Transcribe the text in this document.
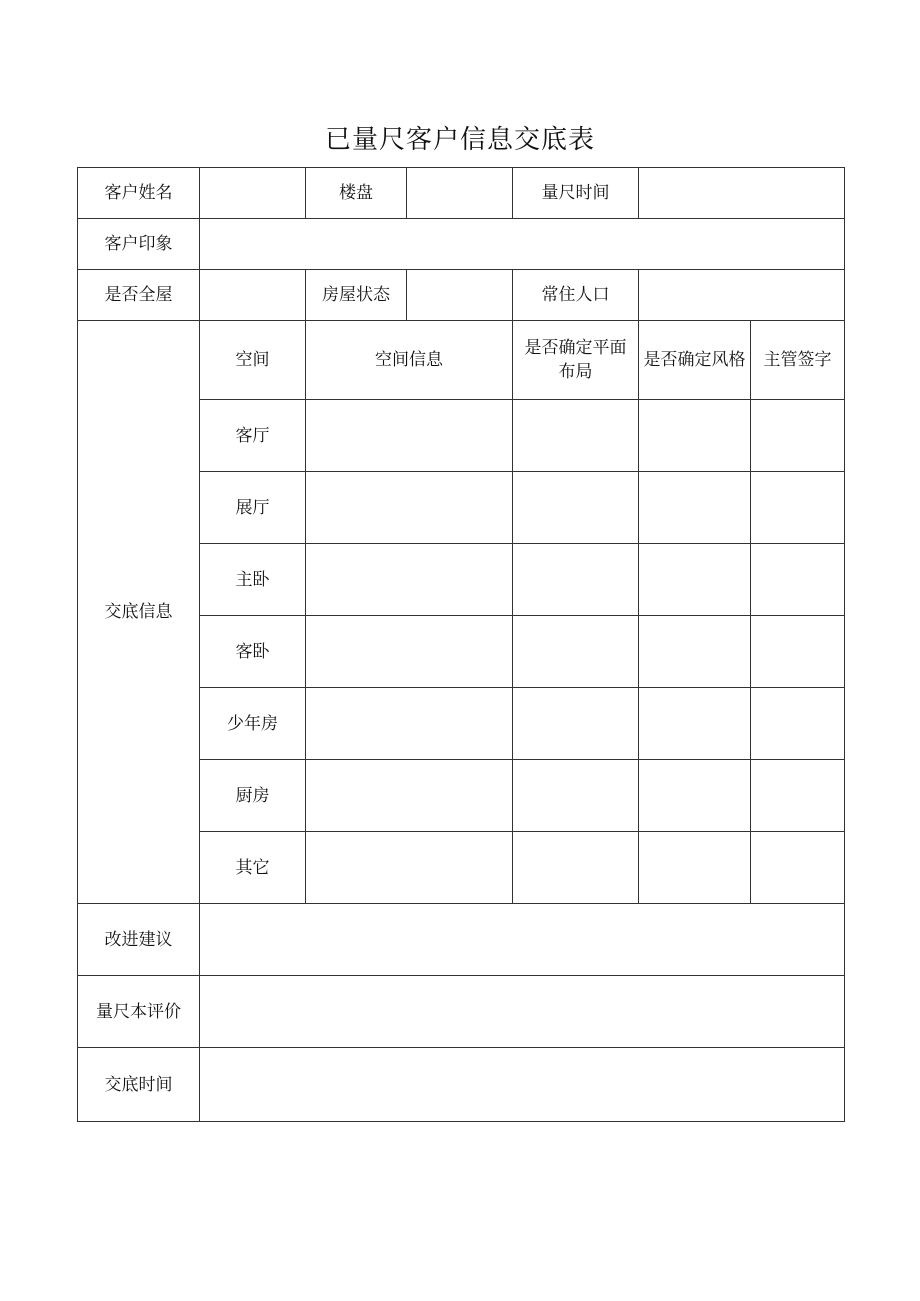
已量尺客户信息交底表
客户姓名		楼盘		量尺时间		
客户印象						
是否全屋		房屋状态		常住人口		
交底信息	空间	空间信息		是否确定平面布局	是否确定风格	主管签字
	客厅					
	展厅					
	主卧					
	客卧					
	少年房					
	厨房					
	其它					
改进建议						
量尺本评价						
交底时间						
